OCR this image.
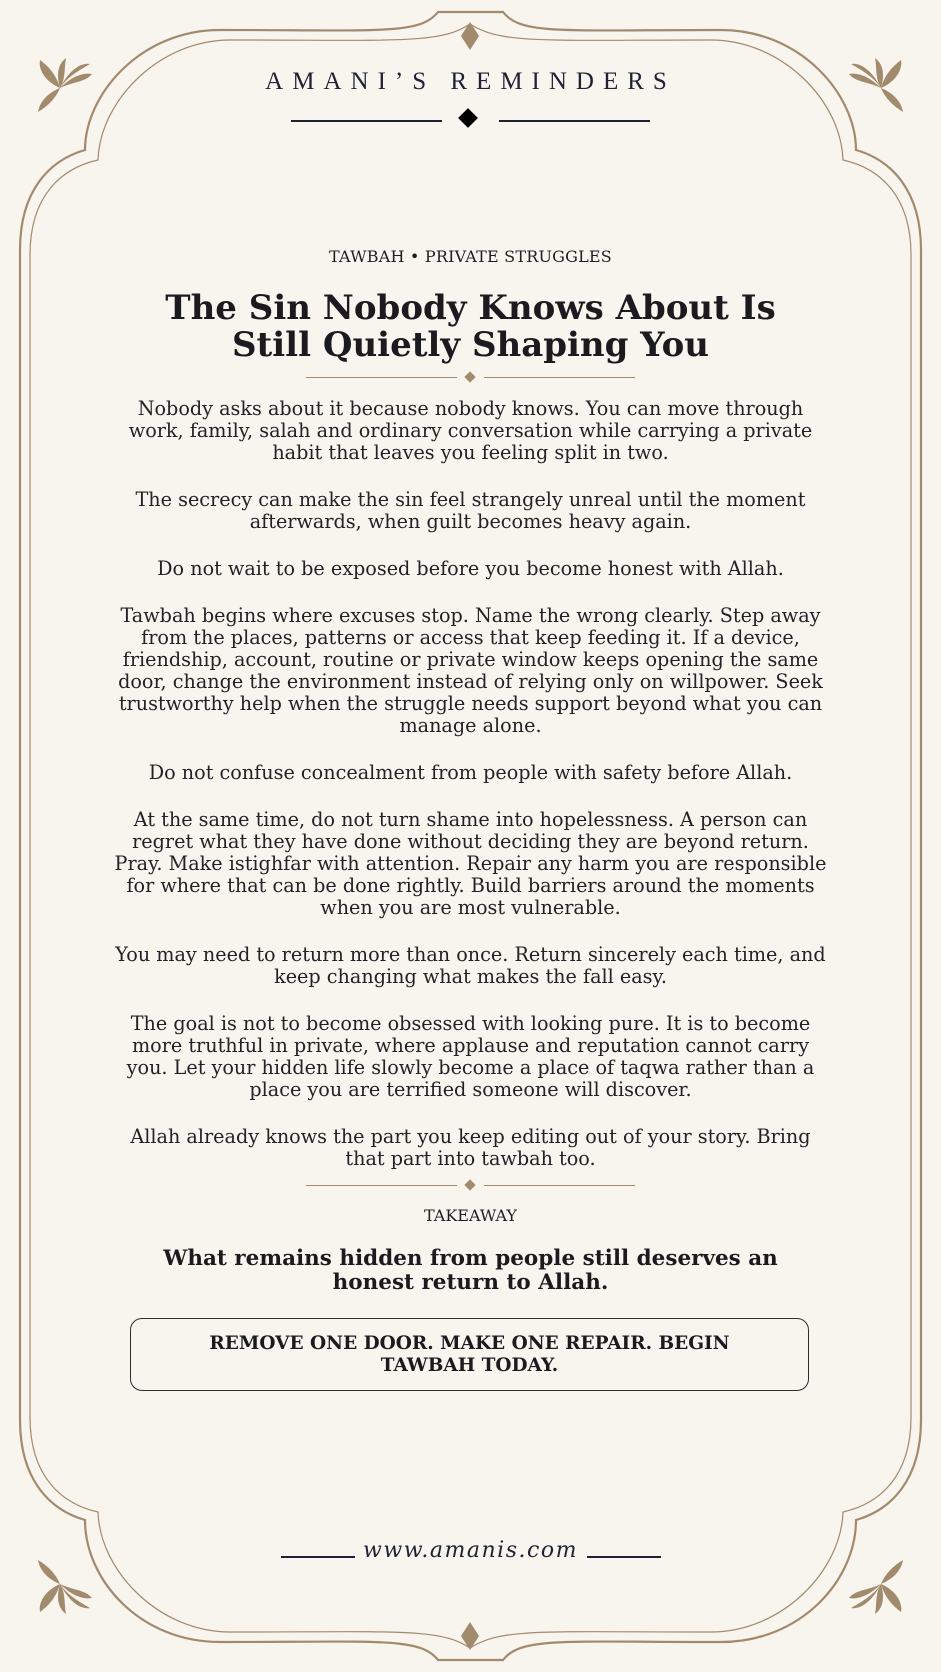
AMANI’S REMINDERS
TAWBAH • PRIVATE STRUGGLES
The Sin Nobody Knows About Is Still Quietly Shaping You

Nobody asks about it because nobody knows. You can move through work, family, salah and ordinary conversation while carrying a private habit that leaves you feeling split in two.

The secrecy can make the sin feel strangely unreal until the moment afterwards, when guilt becomes heavy again.

Do not wait to be exposed before you become honest with Allah.

Tawbah begins where excuses stop. Name the wrong clearly. Step away from the places, patterns or access that keep feeding it. If a device, friendship, account, routine or private window keeps opening the same door, change the environment instead of relying only on willpower. Seek trustworthy help when the struggle needs support beyond what you can manage alone.

Do not confuse concealment from people with safety before Allah.

At the same time, do not turn shame into hopelessness. A person can regret what they have done without deciding they are beyond return. Pray. Make istighfar with attention. Repair any harm you are responsible for where that can be done rightly. Build barriers around the moments when you are most vulnerable.

You may need to return more than once. Return sincerely each time, and keep changing what makes the fall easy.

The goal is not to become obsessed with looking pure. It is to become more truthful in private, where applause and reputation cannot carry you. Let your hidden life slowly become a place of taqwa rather than a place you are terrified someone will discover.

Allah already knows the part you keep editing out of your story. Bring that part into tawbah too.

TAKEAWAY
What remains hidden from people still deserves an honest return to Allah.
REMOVE ONE DOOR. MAKE ONE REPAIR. BEGIN TAWBAH TODAY.
www.amanis.com
